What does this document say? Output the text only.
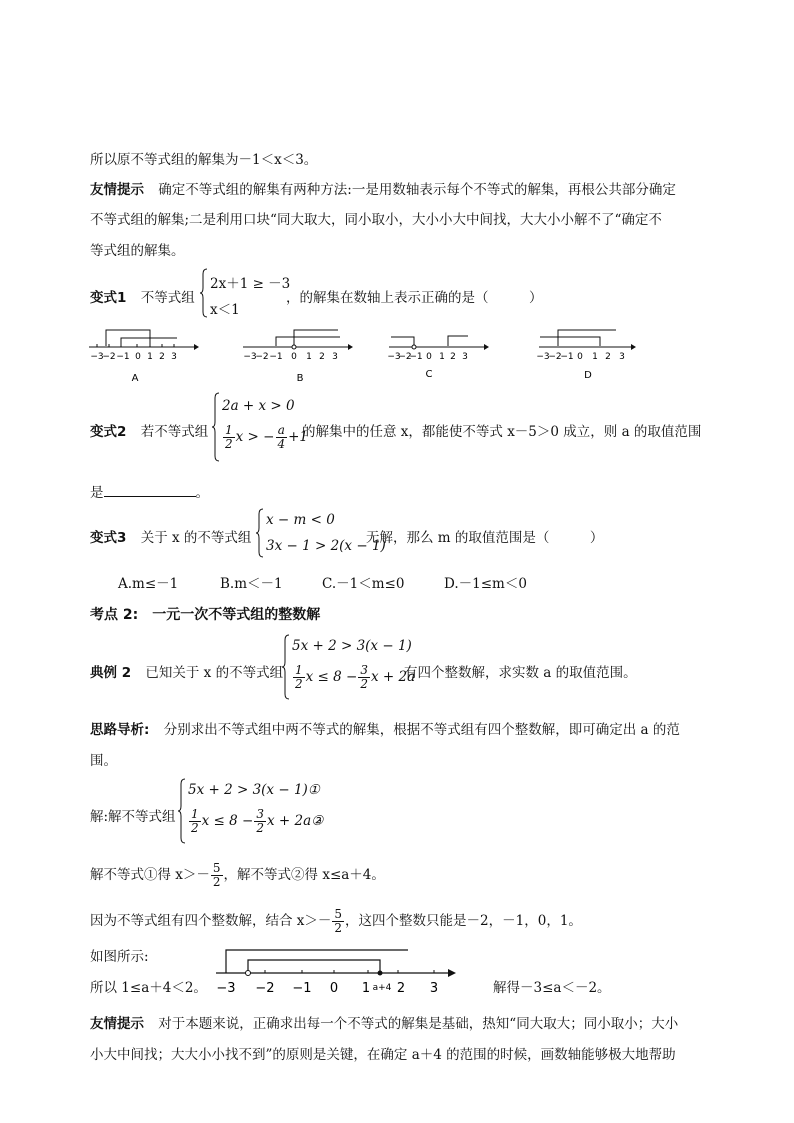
所以原不等式组的解集为－1＜x＜3。
友情提示 确定不等式组的解集有两种方法:一是用数轴表示每个不等式的解集，再根公共部分确定
不等式组的解集;二是利用口块“同大取大，同小取小，大小小大中间找，大大小小解不了“确定不
等式组的解集。
变式1 不等式组
2x＋1 ≥ －3
x＜1
，的解集在数轴上表示正确的是（　　　）
−3
−2 −1 0 1 2 3
A
−3
−2 −1 0 1 2 3
B
−3
−2
−1 0 1 2 3
C
−3
−2
−1 0 1 2 3
D
变式2 若不等式组
2a + x > 0
$\frac{1}{2}$ x > − $\frac{a}{4} +1$
的解集中的任意 x，都能使不等式 x－5＞0 成立，则 a 的取值范围
是	。
变式3 关于 x 的不等式组
x − m < 0
3x − 1 > 2(x − 1)
无解，那么 m 的取值范围是（　　　）
A.m≤－1	B.m＜－1	C.－1＜m≤0	D.－1≤m＜0
考点 2: 一元一次不等式组的整数解
典例 2 已知关于 x 的不等式组
5x + 2 > 3(x − 1)
$\frac{1}{2}$ $x \le 8 - \frac{3}{2}$ x + 2a
有四个整数解，求实数 a 的取值范围。
思路导析: 分别求出不等式组中两不等式的解集，根据不等式组有四个整数解，即可确定出 a 的范
围。
解:解不等式组
5x + 2 > 3(x − 1)①
$\frac{1}{2}$ $x \le 8 - \frac{3}{2}$ x + 2a②
，
解不等式①得 $x>- \frac{5}{2}$ ，解不等式②得 x≤a＋4。
因为不等式组有四个整数解，结合 $x>- \frac{5}{2}$ ，这四个整数只能是－2，－1，0，1。
如图所示:
所以 1≤a＋4＜2。 −3 −2 −1 0 1 a+4 2 3	解得－3≤a＜－2。
友情提示 对于本题来说，正确求出每一个不等式的解集是基础，热知“同大取大；同小取小；大小
小大中间找；大大小小找不到”的原则是关键，在确定 a＋4 的范围的时候，画数轴能够极大地帮助
